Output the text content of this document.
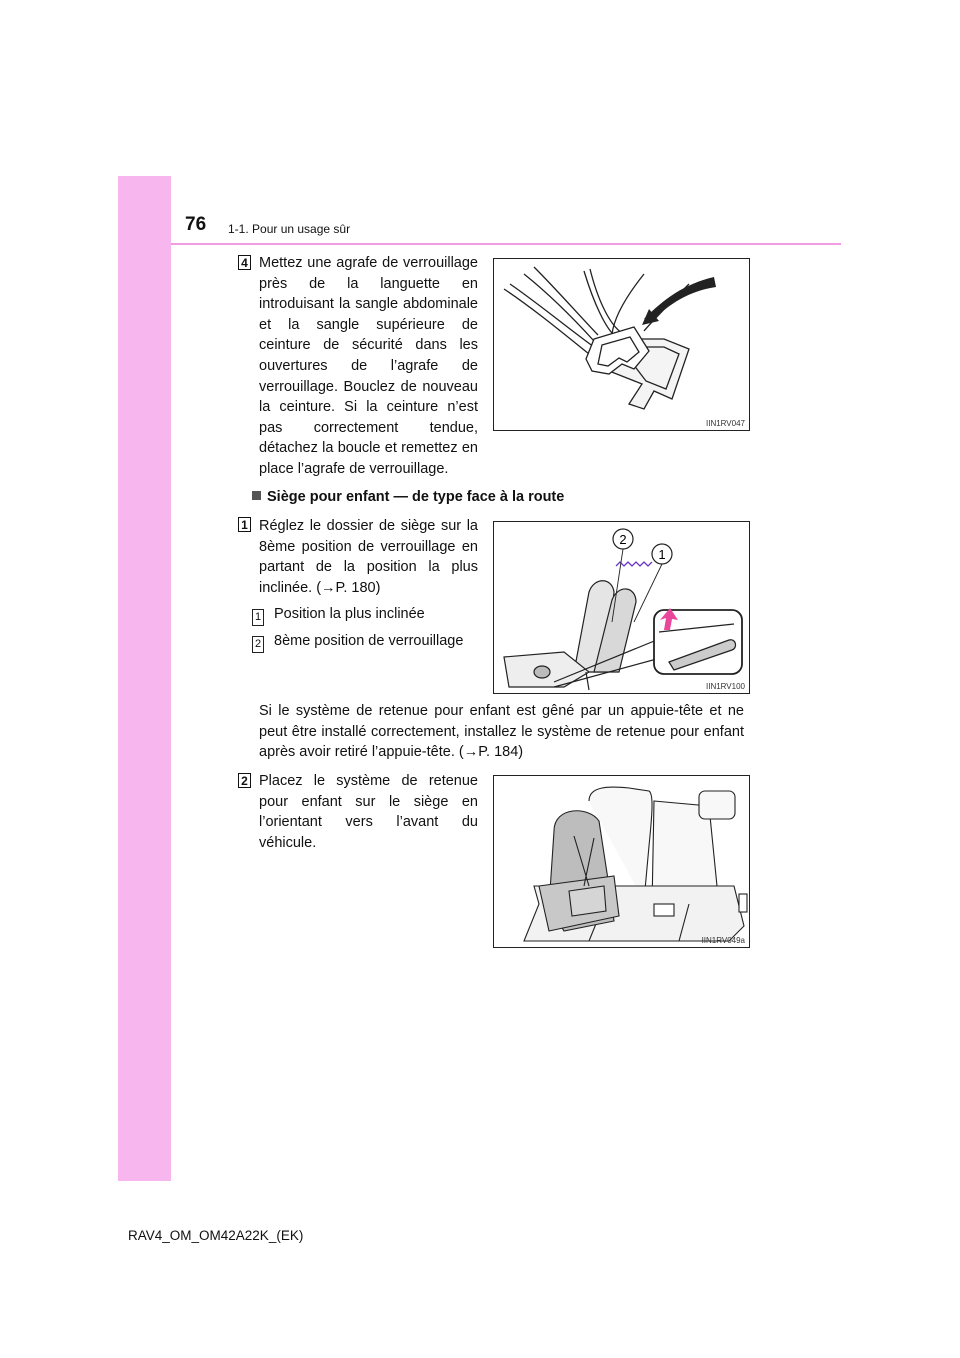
76 1-1. Pour un usage sûr
4 Mettez une agrafe de verrouillage près de la languette en introduisant la sangle abdominale et la sangle supérieure de ceinture de sécurité dans les ouvertures de l’agrafe de verrouillage. Bouclez de nouveau la ceinture. Si la ceinture n’est pas correctement tendue, détachez la boucle et remettez en place l’agrafe de verrouillage.
IIN1RV047
Siège pour enfant — de type face à la route
1 Réglez le dossier de siège sur la 8ème position de verrouillage en partant de la position la plus inclinée. (→P. 180)
1 Position la plus inclinée
2 8ème position de verrouillage
2
1
IIN1RV100
Si le système de retenue pour enfant est gêné par un appuie-tête et ne peut être installé correctement, installez le système de retenue pour enfant après avoir retiré l’appuie-tête. (→P. 184)
2 Placez le système de retenue pour enfant sur le siège en l’orientant vers l’avant du véhicule.
IIN1RV049a
RAV4_OM_OM42A22K_(EK)
